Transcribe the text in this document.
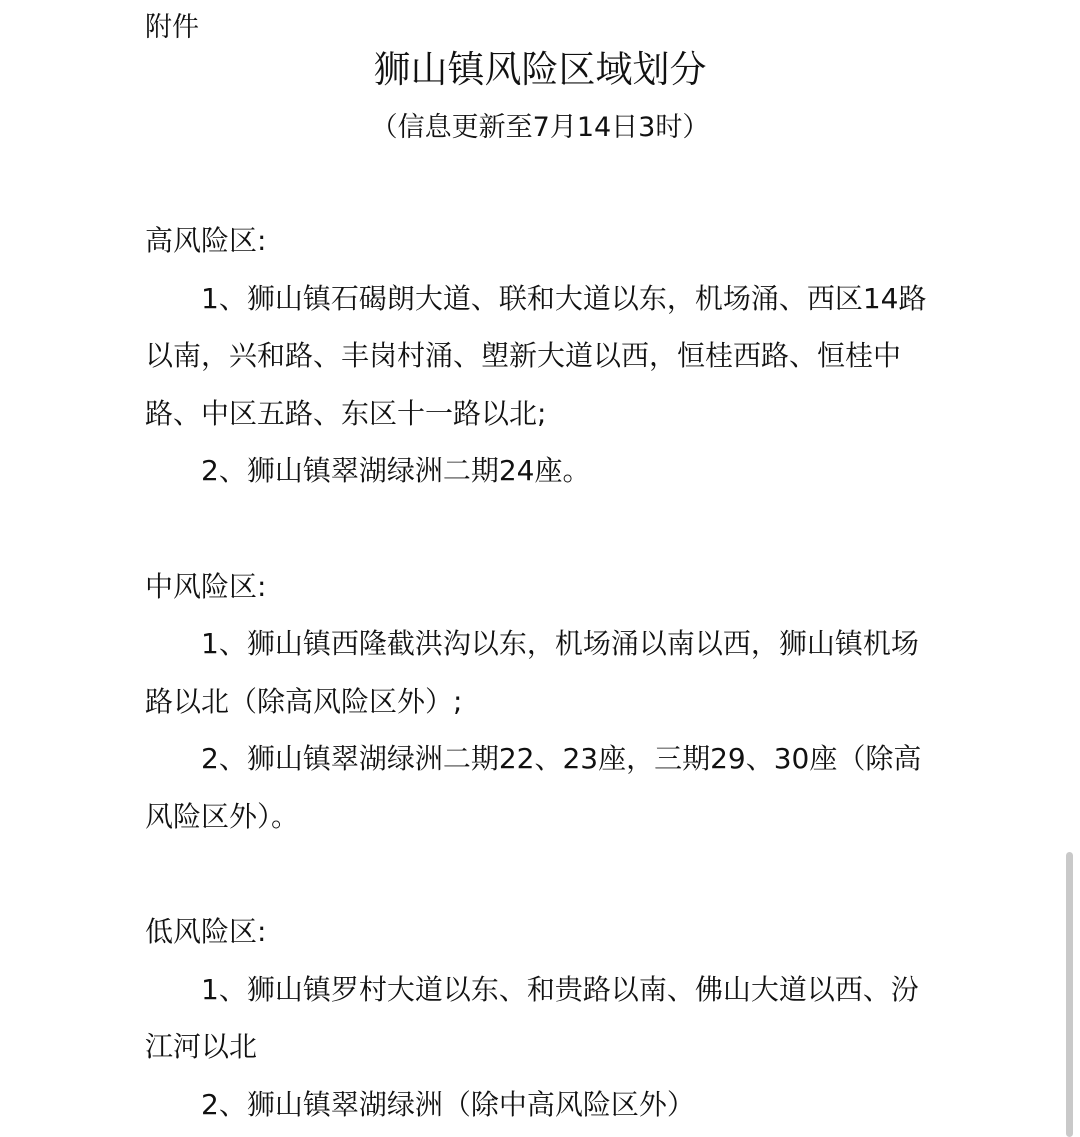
附件
狮山镇风险区域划分
（信息更新至7月14日3时）

高风险区:

1、狮山镇石碣朗大道、联和大道以东，机场涌、西区14路以南，兴和路、丰岗村涌、塱新大道以西，恒桂西路、恒桂中路、中区五路、东区十一路以北;

2、狮山镇翠湖绿洲二期24座。

中风险区:

1、狮山镇西隆截洪沟以东，机场涌以南以西，狮山镇机场路以北（除高风险区外）;

2、狮山镇翠湖绿洲二期22、23座，三期29、30座（除高风险区外）。

低风险区:

1、狮山镇罗村大道以东、和贵路以南、佛山大道以西、汾江河以北

2、狮山镇翠湖绿洲（除中高风险区外）
